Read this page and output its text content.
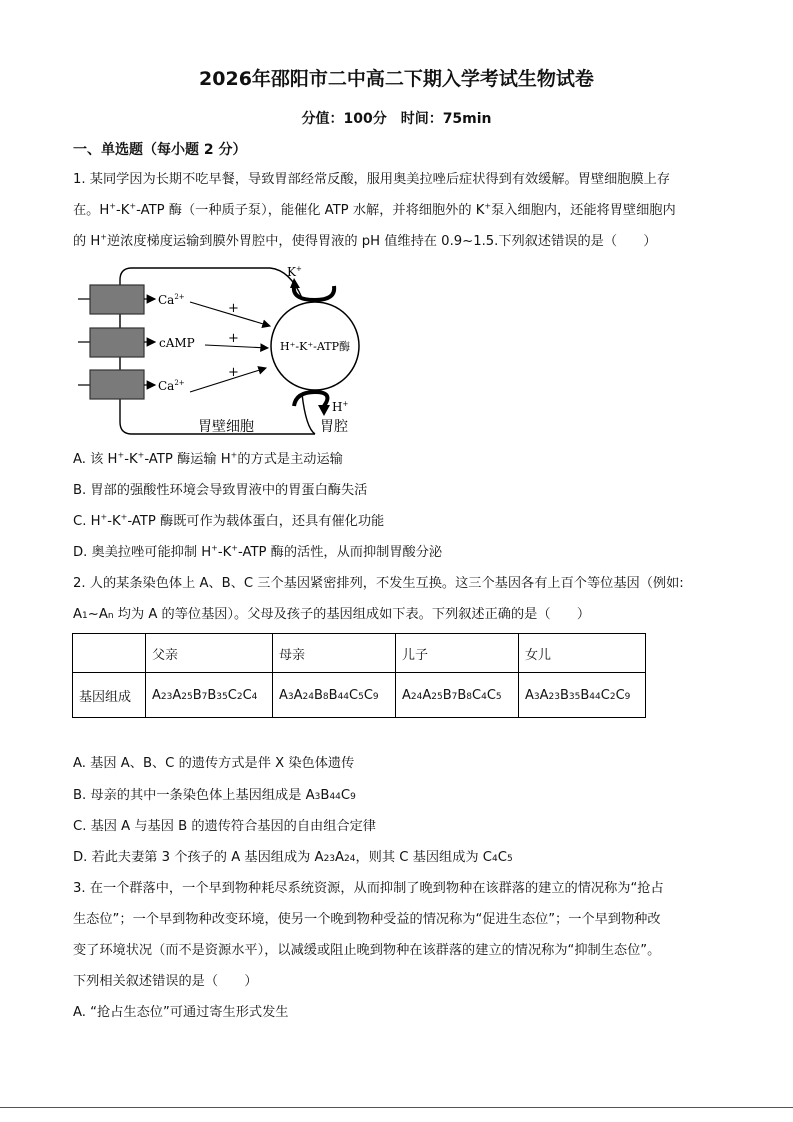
2026年邵阳市二中高二下期入学考试生物试卷
分值：100分　时间：75min
一、单选题（每小题 2 分）
1. 某同学因为长期不吃早餐，导致胃部经常反酸，服用奥美拉唑后症状得到有效缓解。胃壁细胞膜上存
在。H+-K+-ATP 酶（一种质子泵），能催化 ATP 水解，并将细胞外的 K+泵入细胞内，还能将胃壁细胞内
的 H+逆浓度梯度运输到膜外胃腔中，使得胃液的 pH 值维持在 0.9~1.5.下列叙述错误的是（　　）
$Ca^{2+}$
cAMP
$Ca^{2+}$
+
+
+
H⁺-K⁺-ATP酶
K+
H+
胃壁细胞	胃腔
A. 该 H+-K+-ATP 酶运输 H+的方式是主动运输
B. 胃部的强酸性环境会导致胃液中的胃蛋白酶失活
C. H+-K+-ATP 酶既可作为载体蛋白，还具有催化功能
D. 奥美拉唑可能抑制 H+-K+-ATP 酶的活性，从而抑制胃酸分泌
2. 人的某条染色体上 A、B、C 三个基因紧密排列，不发生互换。这三个基因各有上百个等位基因（例如:
A1~An 均为 A 的等位基因）。父母及孩子的基因组成如下表。下列叙述正确的是（　　）
	父亲	母亲	儿子	女儿
基因组成	A23A25B7B35C2C4	A3A24B8B44C5C9	A24A25B7B8C4C5	A3A23B35B44C2C9
A. 基因 A、B、C 的遗传方式是伴 X 染色体遗传
B. 母亲的其中一条染色体上基因组成是 A3B44C9
C. 基因 A 与基因 B 的遗传符合基因的自由组合定律
D. 若此夫妻第 3 个孩子的 A 基因组成为 A23A24，则其 C 基因组成为 C4C5
3. 在一个群落中，一个早到物种耗尽系统资源，从而抑制了晚到物种在该群落的建立的情况称为“抢占
生态位”；一个早到物种改变环境，使另一个晚到物种受益的情况称为“促进生态位”；一个早到物种改
变了环境状况（而不是资源水平），以减缓或阻止晚到物种在该群落的建立的情况称为“抑制生态位”。
下列相关叙述错误的是（　　）
A. “抢占生态位”可通过寄生形式发生
